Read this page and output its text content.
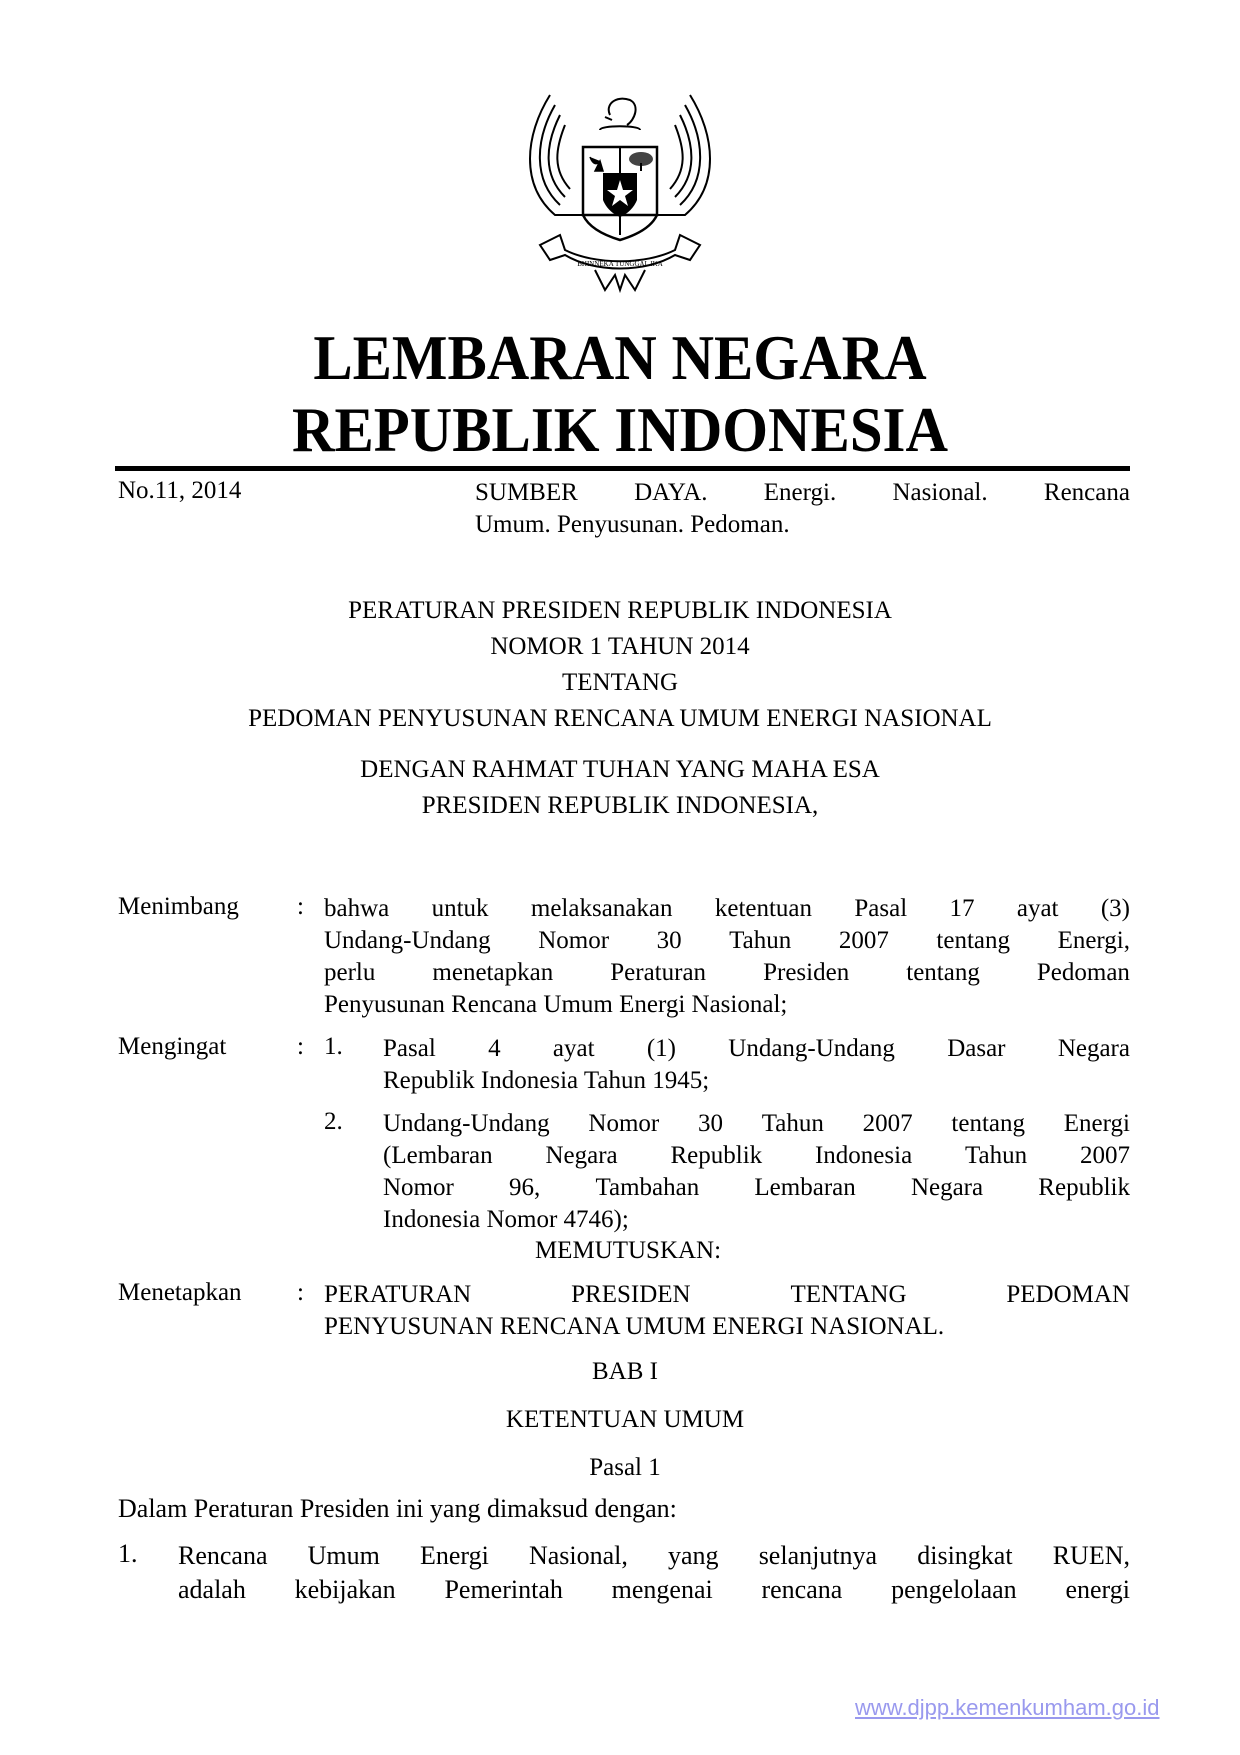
BHINNEKA TUNGGAL IKA
LEMBARAN NEGARA
REPUBLIK INDONESIA
No.11, 2014	SUMBER DAYA. Energi. Nasional. Rencana
Umum. Penyusunan. Pedoman.
PERATURAN PRESIDEN REPUBLIK INDONESIA
NOMOR 1 TAHUN 2014
TENTANG
PEDOMAN PENYUSUNAN RENCANA UMUM ENERGI NASIONAL
DENGAN RAHMAT TUHAN YANG MAHA ESA
PRESIDEN REPUBLIK INDONESIA,
Menimbang : bahwa untuk melaksanakan ketentuan Pasal 17 ayat (3)
Undang-Undang Nomor 30 Tahun 2007 tentang Energi,
perlu menetapkan Peraturan Presiden tentang Pedoman
Penyusunan Rencana Umum Energi Nasional;
Mengingat	: 1. Pasal 4 ayat (1) Undang-Undang Dasar Negara
Republik Indonesia Tahun 1945;
2. Undang-Undang Nomor 30 Tahun 2007 tentang Energi
(Lembaran Negara Republik Indonesia Tahun 2007
Nomor 96, Tambahan Lembaran Negara Republik
Indonesia Nomor 4746);
MEMUTUSKAN:
Menetapkan : PERATURAN	PRESIDEN	TENTANG	PEDOMAN
PENYUSUNAN RENCANA UMUM ENERGI NASIONAL.
BAB I
KETENTUAN UMUM
Pasal 1
Dalam Peraturan Presiden ini yang dimaksud dengan:
1. Rencana Umum Energi Nasional, yang selanjutnya disingkat RUEN,
adalah kebijakan Pemerintah mengenai rencana pengelolaan energi
www.djpp.kemenkumham.go.id
